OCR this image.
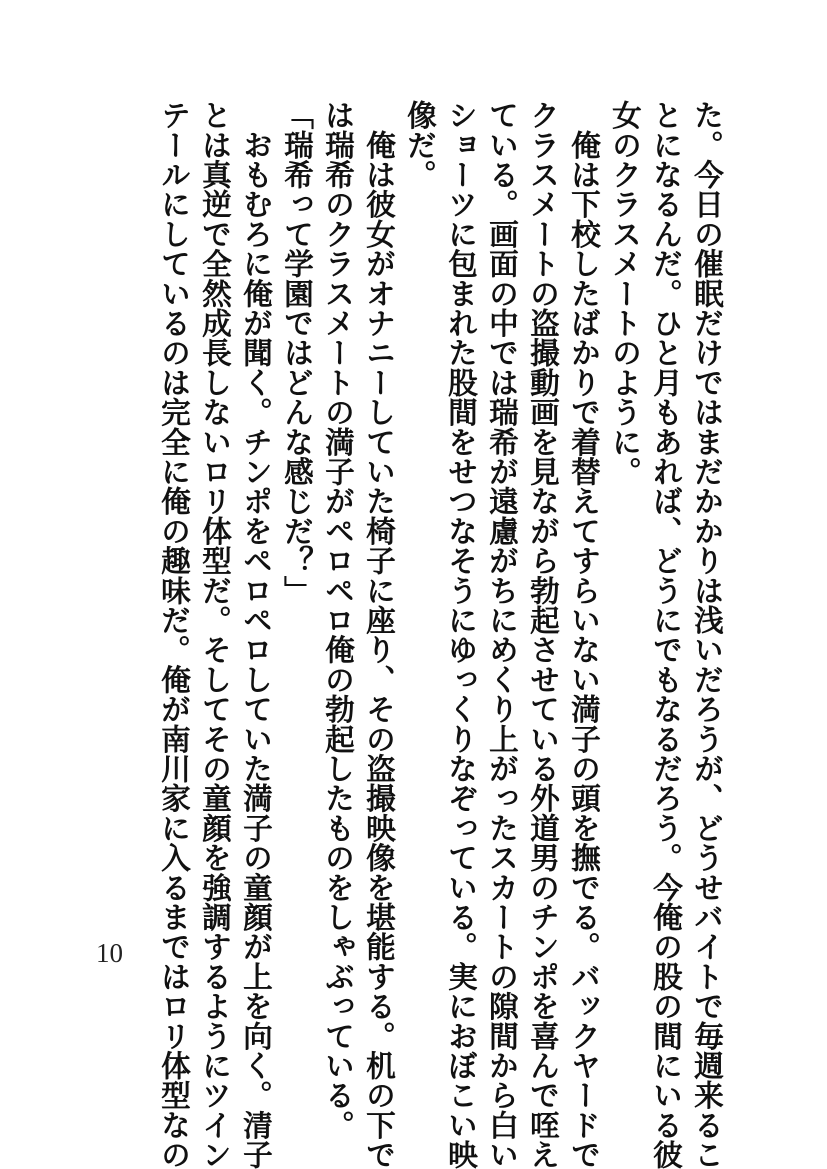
た。今日の催眠だけではまだかかりは浅いだろうが、どうせバイトで毎週来るこ
とになるんだ。ひと月もあれば、どうにでもなるだろう。今俺の股の間にいる彼
女のクラスメートのように。
　俺は下校したばかりで着替えてすらいない満子の頭を撫でる。バックヤードで
クラスメートの盗撮動画を見ながら勃起させている外道男のチンポを喜んで咥え
ている。画面の中では瑞希が遠慮がちにめくり上がったスカートの隙間から白い
ショーツに包まれた股間をせつなそうにゆっくりなぞっている。実におぼこい映
像だ。
　俺は彼女がオナニーしていた椅子に座り、その盗撮映像を堪能する。机の下で
は瑞希のクラスメートの満子がペロペロ俺の勃起したものをしゃぶっている。
「瑞希って学園ではどんな感じだ？」
　おもむろに俺が聞く。チンポをペロペロしていた満子の童顔が上を向く。清子
とは真逆で全然成長しないロリ体型だ。そしてその童顔を強調するようにツイン
テールにしているのは完全に俺の趣味だ。俺が南川家に入るまではロリ体型なの
10
